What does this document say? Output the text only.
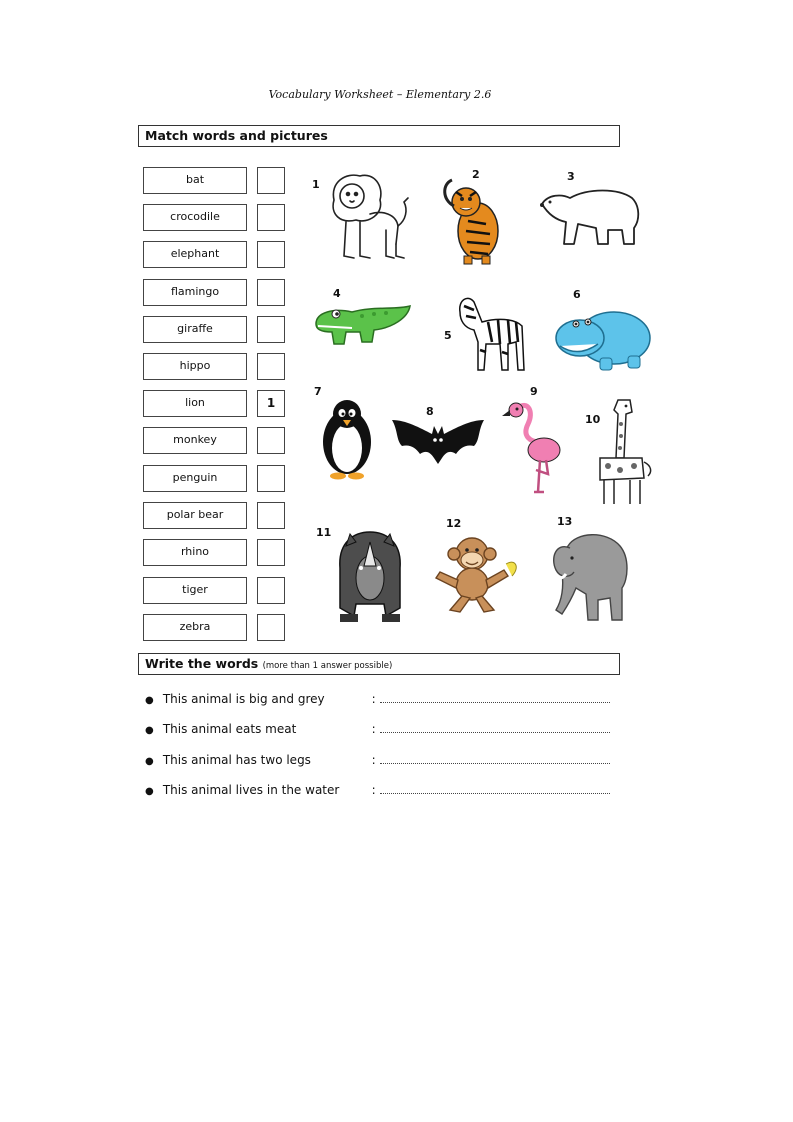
Vocabulary Worksheet – Elementary 2.6
Match words and pictures
bat
crocodile
elephant
flamingo
giraffe
hippo
lion	1
monkey
penguin
polar bear
rhino
tiger
zebra
1
2	3
4
5
6
7
8
9
10
11
12	13
Write the words (more than 1 answer possible)
● This animal is big and grey	:
● This animal eats meat	:
● This animal has two legs	:
● This animal lives in the water	:
